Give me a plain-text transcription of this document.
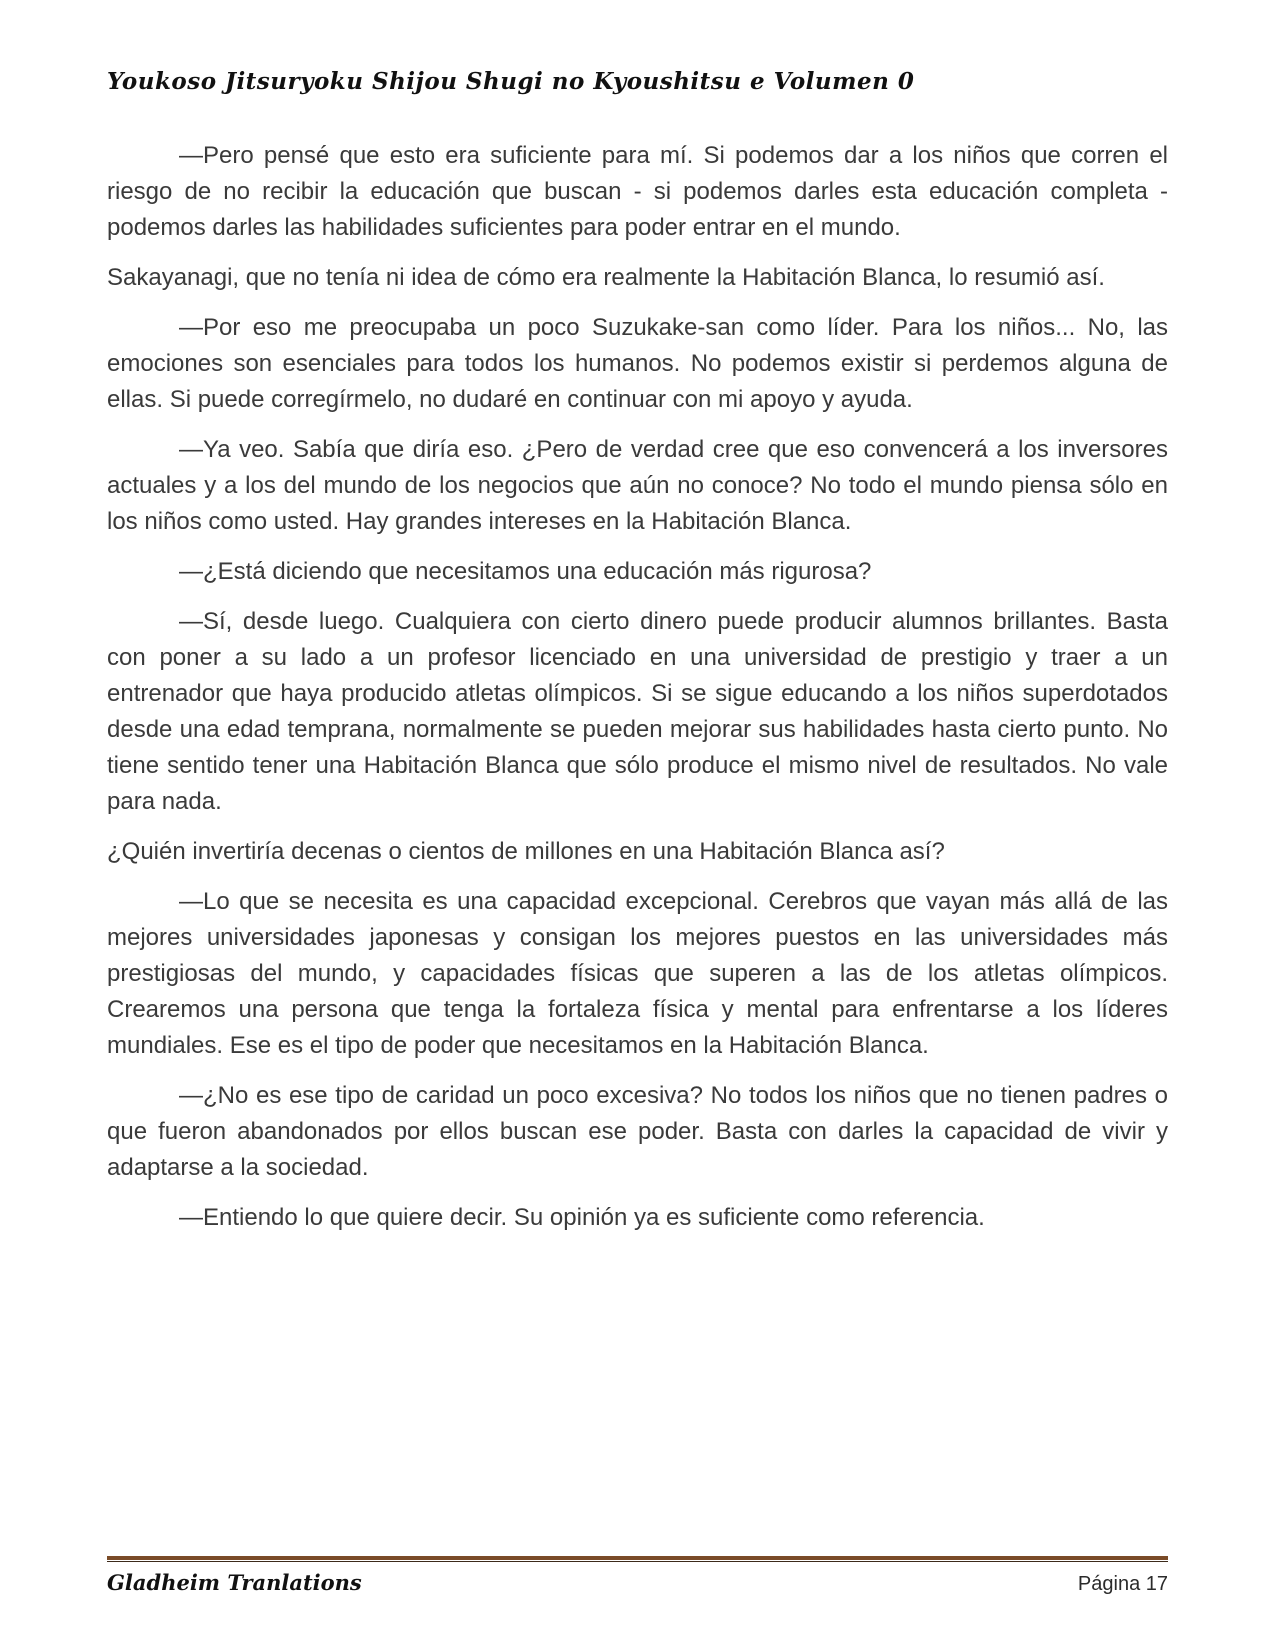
Youkoso Jitsuryoku Shijou Shugi no Kyoushitsu e Volumen 0

—Pero pensé que esto era suficiente para mí. Si podemos dar a los niños que corren el riesgo de no recibir la educación que buscan - si podemos darles esta educación completa - podemos darles las habilidades suficientes para poder entrar en el mundo.

Sakayanagi, que no tenía ni idea de cómo era realmente la Habitación Blanca, lo resumió así.

—Por eso me preocupaba un poco Suzukake-san como líder. Para los niños... No, las emociones son esenciales para todos los humanos. No podemos existir si perdemos alguna de ellas. Si puede corregírmelo, no dudaré en continuar con mi apoyo y ayuda.

—Ya veo. Sabía que diría eso. ¿Pero de verdad cree que eso convencerá a los inversores actuales y a los del mundo de los negocios que aún no conoce? No todo el mundo piensa sólo en los niños como usted. Hay grandes intereses en la Habitación Blanca.

—¿Está diciendo que necesitamos una educación más rigurosa?

—Sí, desde luego. Cualquiera con cierto dinero puede producir alumnos brillantes. Basta con poner a su lado a un profesor licenciado en una universidad de prestigio y traer a un entrenador que haya producido atletas olímpicos. Si se sigue educando a los niños superdotados desde una edad temprana, normalmente se pueden mejorar sus habilidades hasta cierto punto. No tiene sentido tener una Habitación Blanca que sólo produce el mismo nivel de resultados. No vale para nada.

¿Quién invertiría decenas o cientos de millones en una Habitación Blanca así?

—Lo que se necesita es una capacidad excepcional. Cerebros que vayan más allá de las mejores universidades japonesas y consigan los mejores puestos en las universidades más prestigiosas del mundo, y capacidades físicas que superen a las de los atletas olímpicos. Crearemos una persona que tenga la fortaleza física y mental para enfrentarse a los líderes mundiales. Ese es el tipo de poder que necesitamos en la Habitación Blanca.

—¿No es ese tipo de caridad un poco excesiva? No todos los niños que no tienen padres o que fueron abandonados por ellos buscan ese poder. Basta con darles la capacidad de vivir y adaptarse a la sociedad.

—Entiendo lo que quiere decir. Su opinión ya es suficiente como referencia.

Gladheim Tranlations	Página 17
